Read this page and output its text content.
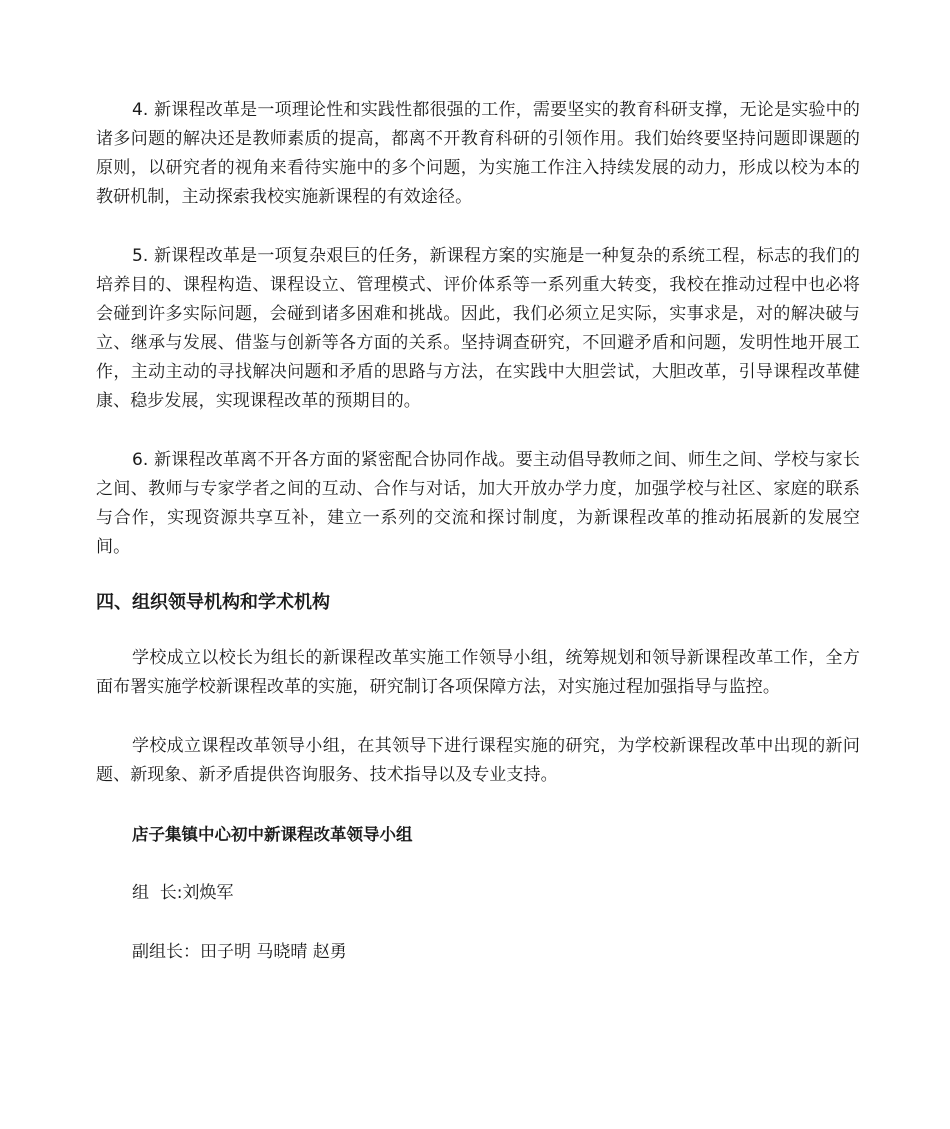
4. 新课程改革是一项理论性和实践性都很强的工作，需要坚实的教育科研支撑，无论是实验中的诸多问题的解决还是教师素质的提高，都离不开教育科研的引领作用。我们始终要坚持问题即课题的原则，以研究者的视角来看待实施中的多个问题，为实施工作注入持续发展的动力，形成以校为本的教研机制，主动探索我校实施新课程的有效途径。

5. 新课程改革是一项复杂艰巨的任务，新课程方案的实施是一种复杂的系统工程，标志的我们的培养目的、课程构造、课程设立、管理模式、评价体系等一系列重大转变，我校在推动过程中也必将会碰到许多实际问题，会碰到诸多困难和挑战。因此，我们必须立足实际，实事求是，对的解决破与立、继承与发展、借鉴与创新等各方面的关系。坚持调查研究，不回避矛盾和问题，发明性地开展工作，主动主动的寻找解决问题和矛盾的思路与方法，在实践中大胆尝试，大胆改革，引导课程改革健康、稳步发展，实现课程改革的预期目的。

6. 新课程改革离不开各方面的紧密配合协同作战。要主动倡导教师之间、师生之间、学校与家长之间、教师与专家学者之间的互动、合作与对话，加大开放办学力度，加强学校与社区、家庭的联系与合作，实现资源共享互补，建立一系列的交流和探讨制度，为新课程改革的推动拓展新的发展空间。

四、组织领导机构和学术机构

学校成立以校长为组长的新课程改革实施工作领导小组，统筹规划和领导新课程改革工作，全方面布署实施学校新课程改革的实施，研究制订各项保障方法，对实施过程加强指导与监控。

学校成立课程改革领导小组，在其领导下进行课程实施的研究，为学校新课程改革中出现的新问题、新现象、新矛盾提供咨询服务、技术指导以及专业支持。

店子集镇中心初中新课程改革领导小组

组  长:刘焕军

副组长：田子明 马晓晴 赵勇
